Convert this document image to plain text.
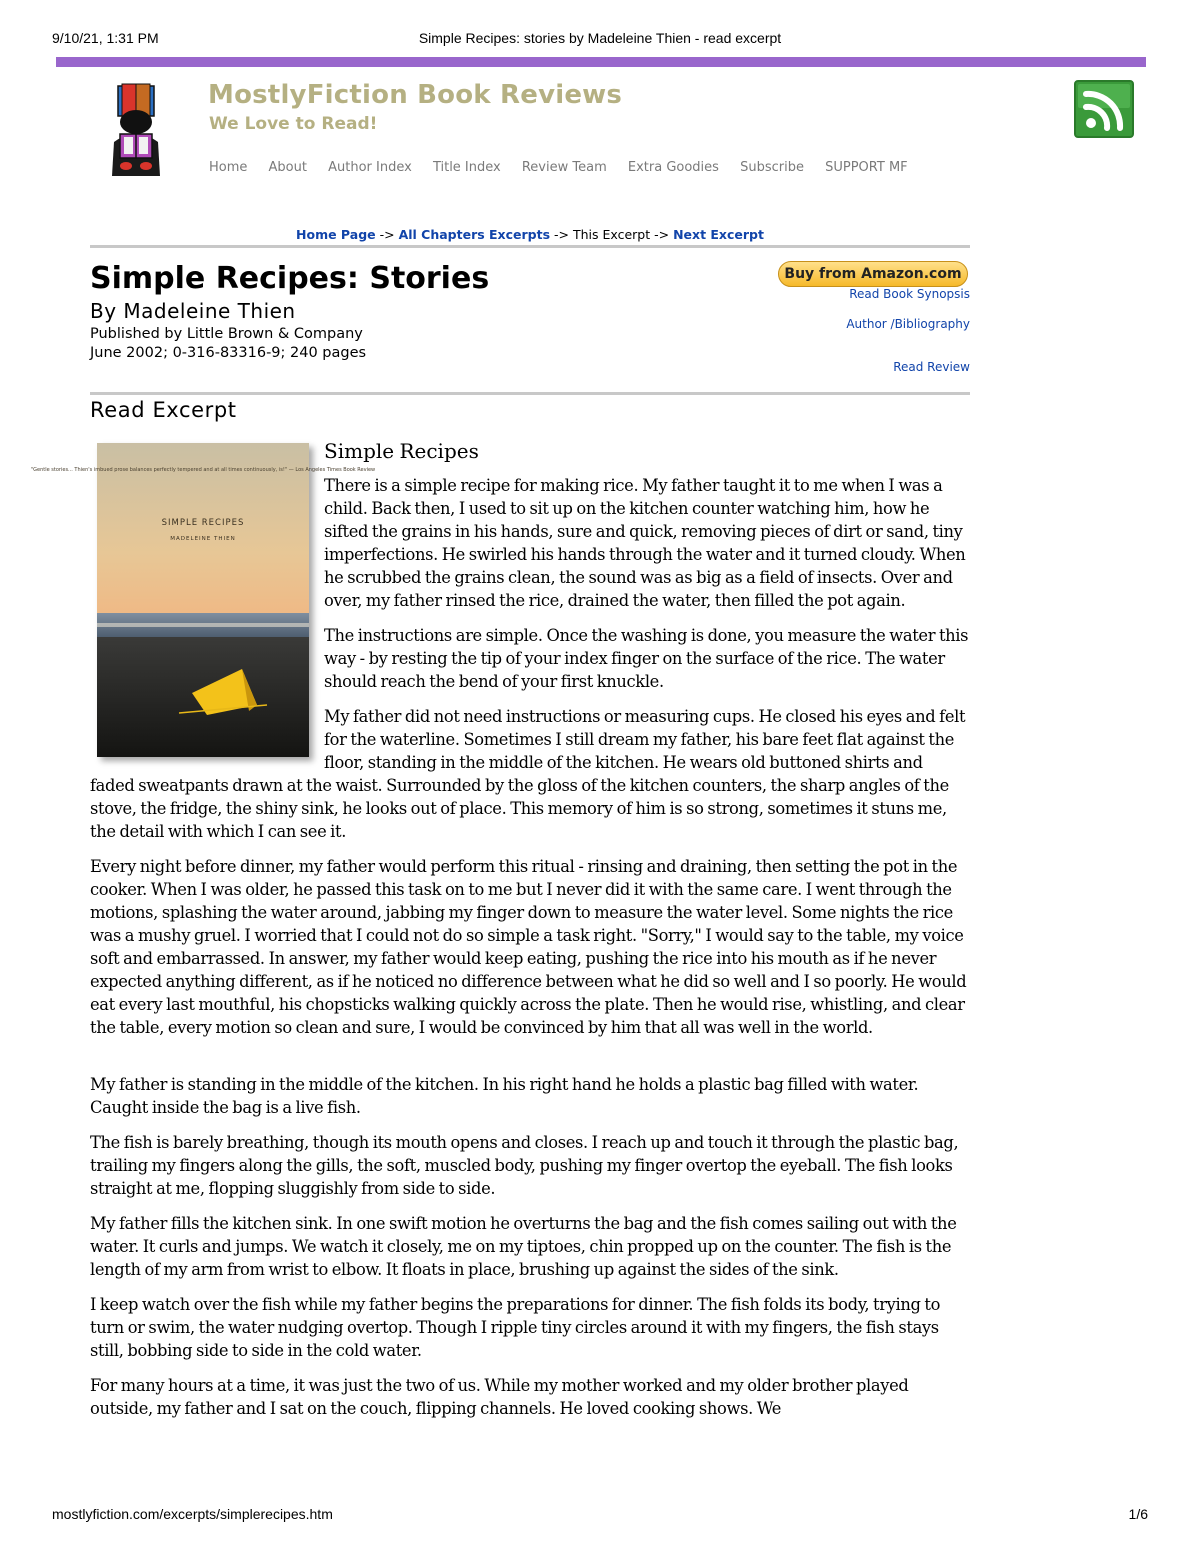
9/10/21, 1:31 PM	Simple Recipes: stories by Madeleine Thien - read excerpt
MostlyFiction Book Reviews
We Love to Read!
Home About Author Index Title Index Review Team Extra Goodies Subscribe SUPPORT MF
Home Page -> All Chapters Excerpts -> This Excerpt -> Next Excerpt
Simple Recipes: Stories
By Madeleine Thien
Published by Little Brown & Company
June 2002; 0-316-83316-9; 240 pages
Buy from Amazon.com
Read Book Synopsis
Author /Bibliography
Read Review
Read Excerpt
"Gentle stories... Thien's imbued prose balances perfectly tempered and at all times continuously, is!" — Los Angeles Times Book Review
SIMPLE RECIPES
MADELEINE THIEN
Simple Recipes

There is a simple recipe for making rice. My father taught it to me when I was a child. Back then, I used to sit up on the kitchen counter watching him, how he sifted the grains in his hands, sure and quick, removing pieces of dirt or sand, tiny imperfections. He swirled his hands through the water and it turned cloudy. When he scrubbed the grains clean, the sound was as big as a field of insects. Over and over, my father rinsed the rice, drained the water, then filled the pot again.

The instructions are simple. Once the washing is done, you measure the water this way - by resting the tip of your index finger on the surface of the rice. The water should reach the bend of your first knuckle.

My father did not need instructions or measuring cups. He closed his eyes and felt for the waterline. Sometimes I still dream my father, his bare feet flat against the floor, standing in the middle of the kitchen. He wears old buttoned shirts and faded sweatpants drawn at the waist. Surrounded by the gloss of the kitchen counters, the sharp angles of the stove, the fridge, the shiny sink, he looks out of place. This memory of him is so strong, sometimes it stuns me, the detail with which I can see it.

Every night before dinner, my father would perform this ritual - rinsing and draining, then setting the pot in the cooker. When I was older, he passed this task on to me but I never did it with the same care. I went through the motions, splashing the water around, jabbing my finger down to measure the water level. Some nights the rice was a mushy gruel. I worried that I could not do so simple a task right. "Sorry," I would say to the table, my voice soft and embarrassed. In answer, my father would keep eating, pushing the rice into his mouth as if he never expected anything different, as if he noticed no difference between what he did so well and I so poorly. He would eat every last mouthful, his chopsticks walking quickly across the plate. Then he would rise, whistling, and clear the table, every motion so clean and sure, I would be convinced by him that all was well in the world.

My father is standing in the middle of the kitchen. In his right hand he holds a plastic bag filled with water. Caught inside the bag is a live fish.

The fish is barely breathing, though its mouth opens and closes. I reach up and touch it through the plastic bag, trailing my fingers along the gills, the soft, muscled body, pushing my finger overtop the eyeball. The fish looks straight at me, flopping sluggishly from side to side.

My father fills the kitchen sink. In one swift motion he overturns the bag and the fish comes sailing out with the water. It curls and jumps. We watch it closely, me on my tiptoes, chin propped up on the counter. The fish is the length of my arm from wrist to elbow. It floats in place, brushing up against the sides of the sink.

I keep watch over the fish while my father begins the preparations for dinner. The fish folds its body, trying to turn or swim, the water nudging overtop. Though I ripple tiny circles around it with my fingers, the fish stays still, bobbing side to side in the cold water.

For many hours at a time, it was just the two of us. While my mother worked and my older brother played outside, my father and I sat on the couch, flipping channels. He loved cooking shows. We

mostlyfiction.com/excerpts/simplerecipes.htm	1/6
